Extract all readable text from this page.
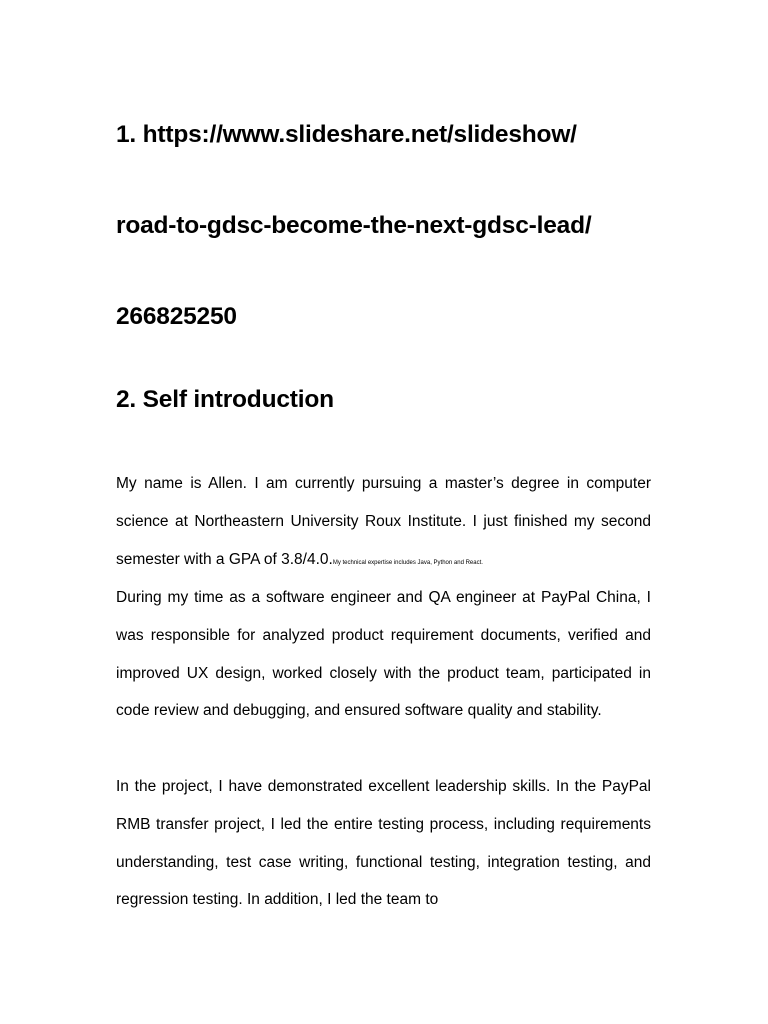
1. https://www.slideshare.net/slideshow/
road-to-gdsc-become-the-next-gdsc-lead/
266825250
2. Self introduction

My name is Allen. I am currently pursuing a master’s degree in computer science at Northeastern University Roux Institute. I just finished my second semester with a GPA of 3.8/4.0.My technical expertise includes Java, Python and React.

During my time as a software engineer and QA engineer at PayPal China, I was responsible for analyzed product requirement documents, verified and improved UX design, worked closely with the product team, participated in code review and debugging, and ensured software quality and stability.

In the project, I have demonstrated excellent leadership skills. In the PayPal RMB transfer project, I led the entire testing process, including requirements understanding, test case writing, functional testing, integration testing, and regression testing. In addition, I led the team to
